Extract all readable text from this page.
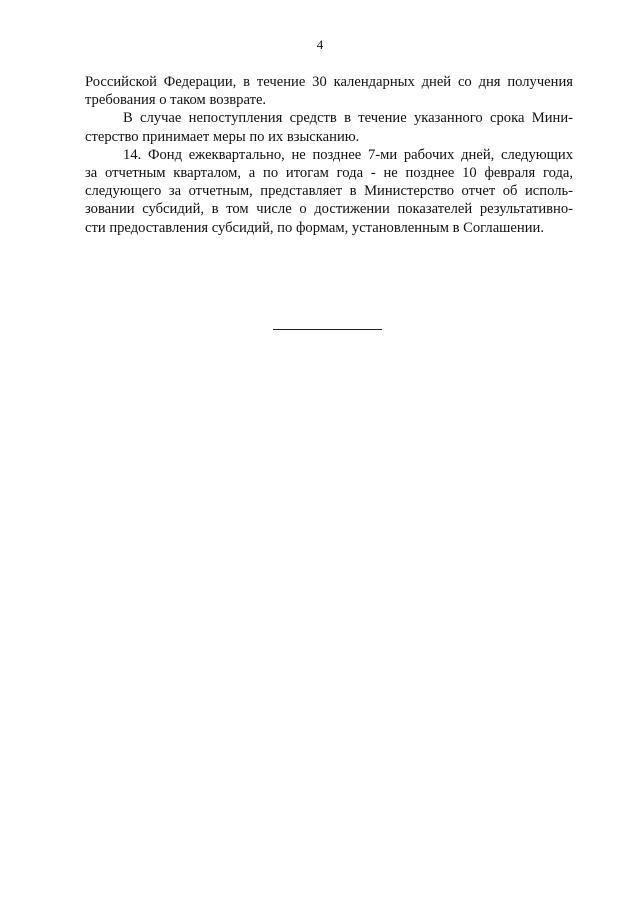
4
Российской Федерации, в течение 30 календарных дней со дня получения
требования о таком возврате.
В случае непоступления средств в течение указанного срока Мини-
стерство принимает меры по их взысканию.
14. Фонд ежеквартально, не позднее 7-ми рабочих дней, следующих
за отчетным кварталом, а по итогам года - не позднее 10 февраля года,
следующего за отчетным, представляет в Министерство отчет об исполь-
зовании субсидий, в том числе о достижении показателей результативно-
сти предоставления субсидий, по формам, установленным в Соглашении.
